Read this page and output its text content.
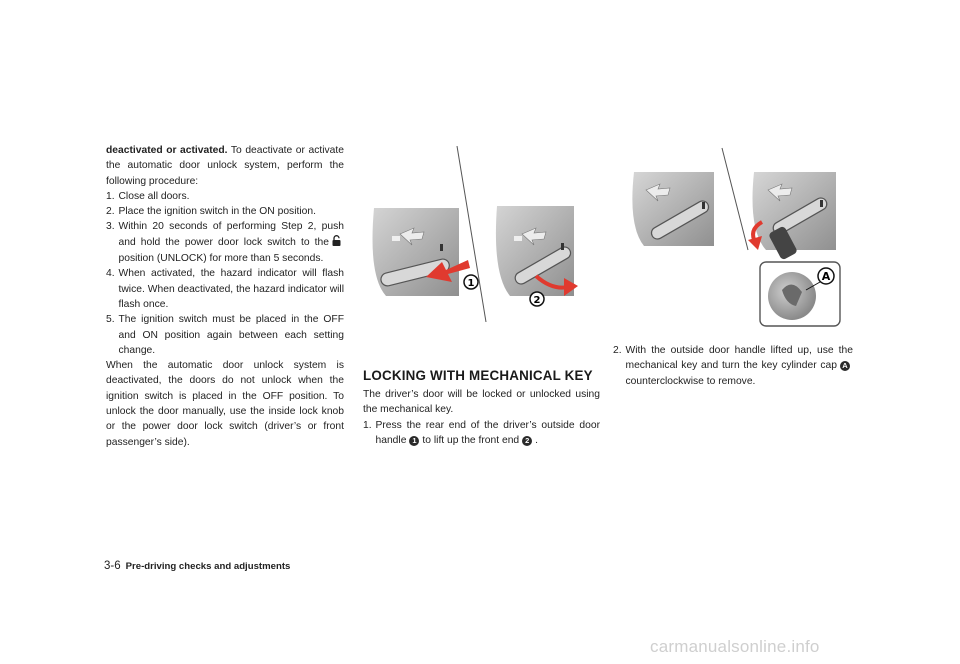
deactivated or activated. To deactivate or activate the automatic door unlock system, perform the following procedure:

1. Close all doors.
2. Place the ignition switch in the ON position.
3. Within 20 seconds of performing Step 2, push and hold the power door lock switch to theposition (UNLOCK) for more than 5 seconds.
4. When activated, the hazard indicator will flash twice. When deactivated, the hazard indicator will flash once.
5. The ignition switch must be placed in the OFF and ON position again between each setting change.

When the automatic door unlock system is deactivated, the doors do not unlock when the ignition switch is placed in the OFF position. To unlock the door manually, use the inside lock knob or the power door lock switch (driver’s or front passenger’s side).

1
2
LOCKING WITH MECHANICAL KEY

The driver’s door will be locked or unlocked using the mechanical key.

1. Press the rear end of the driver’s outside door handle 1 to lift up the front end 2 .
A
2. With the outside door handle lifted up, use the mechanical key and turn the key cylinder cap Acounterclockwise to remove.
3-6 Pre-driving checks and adjustments
carmanualsonline.info
